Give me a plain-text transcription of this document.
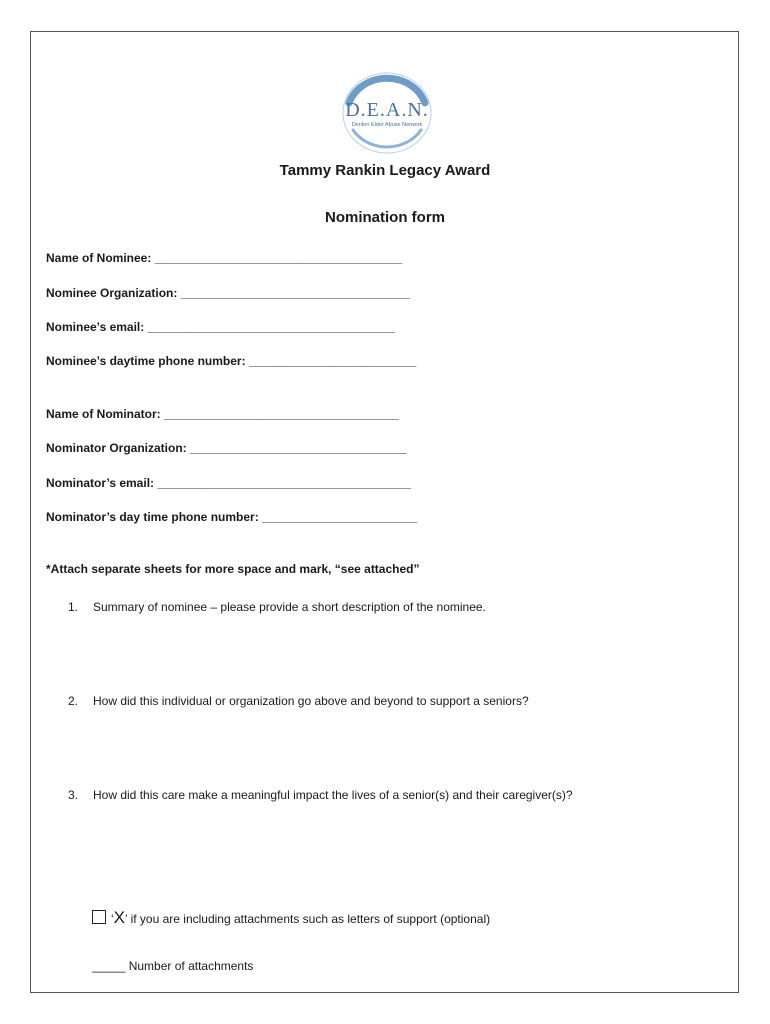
D.E.A.N.
Denton Elder Abuse Network
Tammy Rankin Legacy Award
Nomination form
Name of Nominee: ________________________________________
Nominee Organization: _____________________________________
Nominee’s email: ________________________________________
Nominee’s daytime phone number: ___________________________
Name of Nominator: ______________________________________
Nominator Organization: ___________________________________
Nominator’s email: _________________________________________
Nominator’s day time phone number: _________________________
*Attach separate sheets for more space and mark, “see attached”
1. Summary of nominee – please provide a short description of the nominee.
2. How did this individual or organization go above and beyond to support a seniors?
3. How did this care make a meaningful impact the lives of a senior(s) and their caregiver(s)?
‘X’ if you are including attachments such as letters of support (optional)
_____ Number of attachments
